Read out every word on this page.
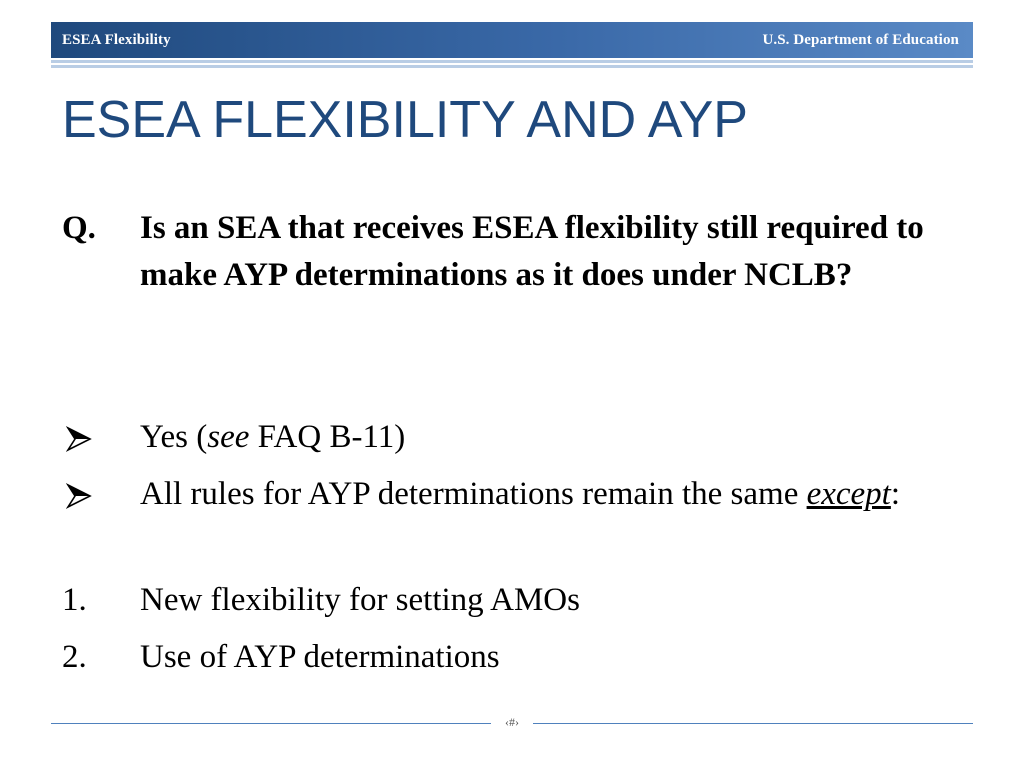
ESEA Flexibility	U.S. Department of Education
ESEA FLEXIBILITY AND AYP
Q. Is an SEA that receives ESEA flexibility still required to make AYP determinations as it does under NCLB?
Yes (see FAQ B-11)
All rules for AYP determinations remain the same except:
1. New flexibility for setting AMOs
2. Use of AYP determinations
‹#›
